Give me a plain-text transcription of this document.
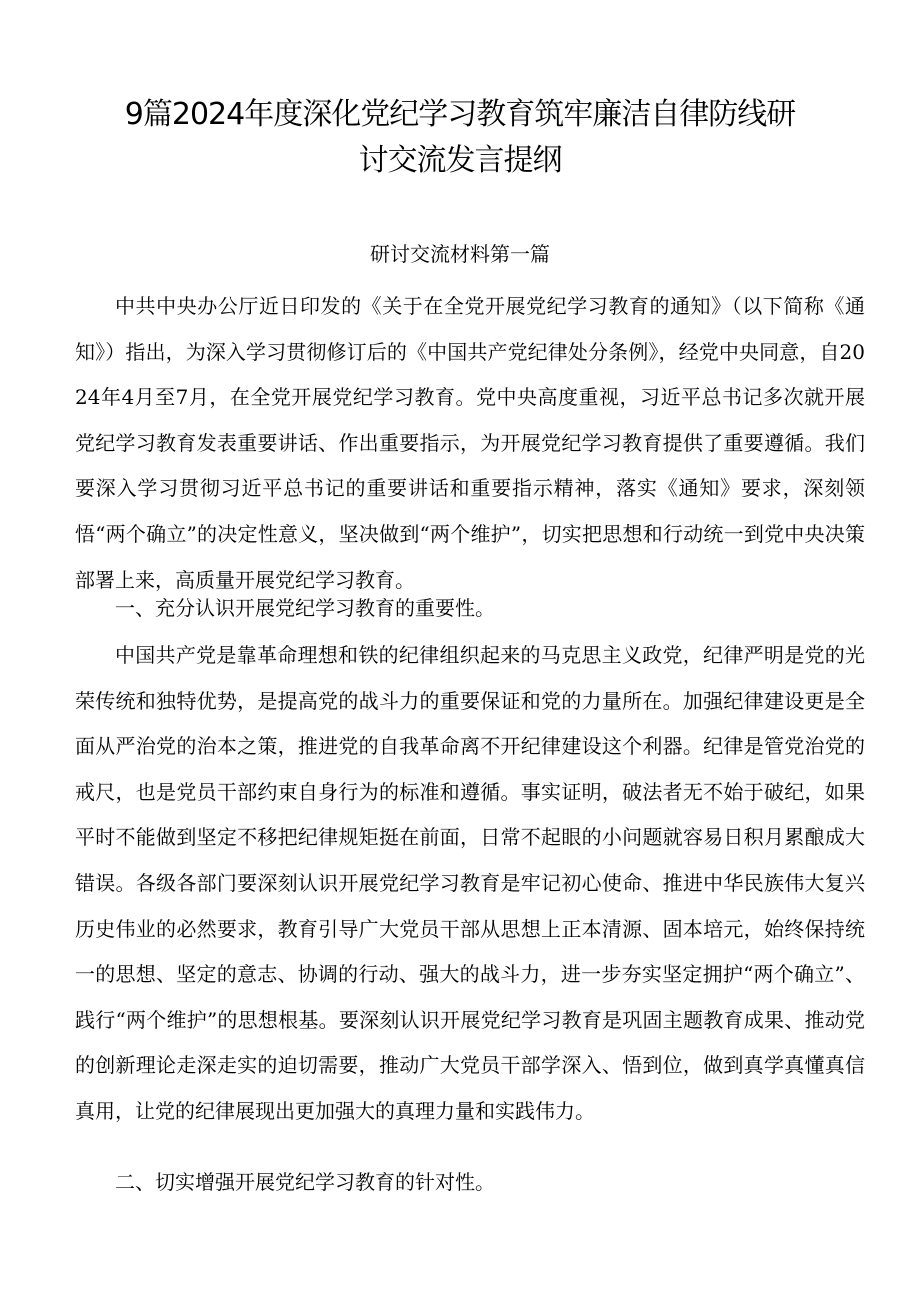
9篇2024年度深化党纪学习教育筑牢廉洁自律防线研
讨交流发言提纲
研讨交流材料第一篇
中共中央办公厅近日印发的《关于在全党开展党纪学习教育的通知》（以下简称《通知》）指出，为深入学习贯彻修订后的《中国共产党纪律处分条例》，经党中央同意，自2024年4月至7月，在全党开展党纪学习教育。党中央高度重视，习近平总书记多次就开展党纪学习教育发表重要讲话、作出重要指示，为开展党纪学习教育提供了重要遵循。我们要深入学习贯彻习近平总书记的重要讲话和重要指示精神，落实《通知》要求，深刻领悟“两个确立”的决定性意义，坚决做到“两个维护”，切实把思想和行动统一到党中央决策部署上来，高质量开展党纪学习教育。
一、充分认识开展党纪学习教育的重要性。
中国共产党是靠革命理想和铁的纪律组织起来的马克思主义政党，纪律严明是党的光荣传统和独特优势，是提高党的战斗力的重要保证和党的力量所在。加强纪律建设更是全面从严治党的治本之策，推进党的自我革命离不开纪律建设这个利器。纪律是管党治党的戒尺，也是党员干部约束自身行为的标准和遵循。事实证明，破法者无不始于破纪，如果平时不能做到坚定不移把纪律规矩挺在前面，日常不起眼的小问题就容易日积月累酿成大错误。各级各部门要深刻认识开展党纪学习教育是牢记初心使命、推进中华民族伟大复兴历史伟业的必然要求，教育引导广大党员干部从思想上正本清源、固本培元，始终保持统一的思想、坚定的意志、协调的行动、强大的战斗力，进一步夯实坚定拥护“两个确立”、践行“两个维护”的思想根基。要深刻认识开展党纪学习教育是巩固主题教育成果、推动党的创新理论走深走实的迫切需要，推动广大党员干部学深入、悟到位，做到真学真懂真信真用，让党的纪律展现出更加强大的真理力量和实践伟力。
二、切实增强开展党纪学习教育的针对性。
